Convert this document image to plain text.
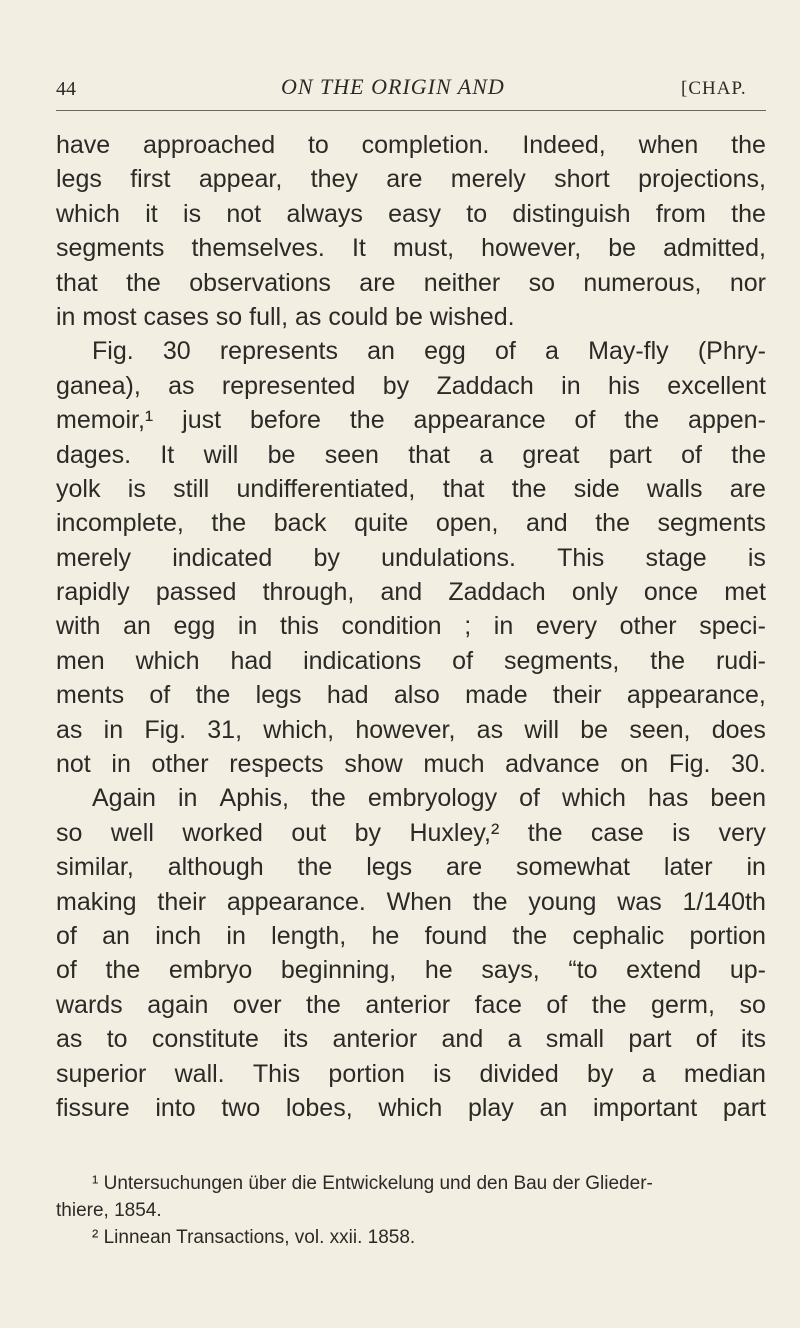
44	ON THE ORIGIN AND	[CHAP.
have approached to completion. Indeed, when the
legs first appear, they are merely short projections,
which it is not always easy to distinguish from the
segments themselves. It must, however, be admitted,
that the observations are neither so numerous, nor
in most cases so full, as could be wished.
Fig. 30 represents an egg of a May-fly (Phry-
ganea), as represented by Zaddach in his excellent
memoir,¹ just before the appearance of the appen-
dages. It will be seen that a great part of the
yolk is still undifferentiated, that the side walls are
incomplete, the back quite open, and the segments
merely indicated by undulations. This stage is
rapidly passed through, and Zaddach only once met
with an egg in this condition ; in every other speci-
men which had indications of segments, the rudi-
ments of the legs had also made their appearance,
as in Fig. 31, which, however, as will be seen, does
not in other respects show much advance on Fig. 30.
Again in Aphis, the embryology of which has been
so well worked out by Huxley,² the case is very
similar, although the legs are somewhat later in
making their appearance. When the young was 1/140th
of an inch in length, he found the cephalic portion
of the embryo beginning, he says, “to extend up-
wards again over the anterior face of the germ, so
as to constitute its anterior and a small part of its
superior wall. This portion is divided by a median
fissure into two lobes, which play an important part
¹ Untersuchungen über die Entwickelung und den Bau der Glieder-
thiere, 1854.
² Linnean Transactions, vol. xxii. 1858.
